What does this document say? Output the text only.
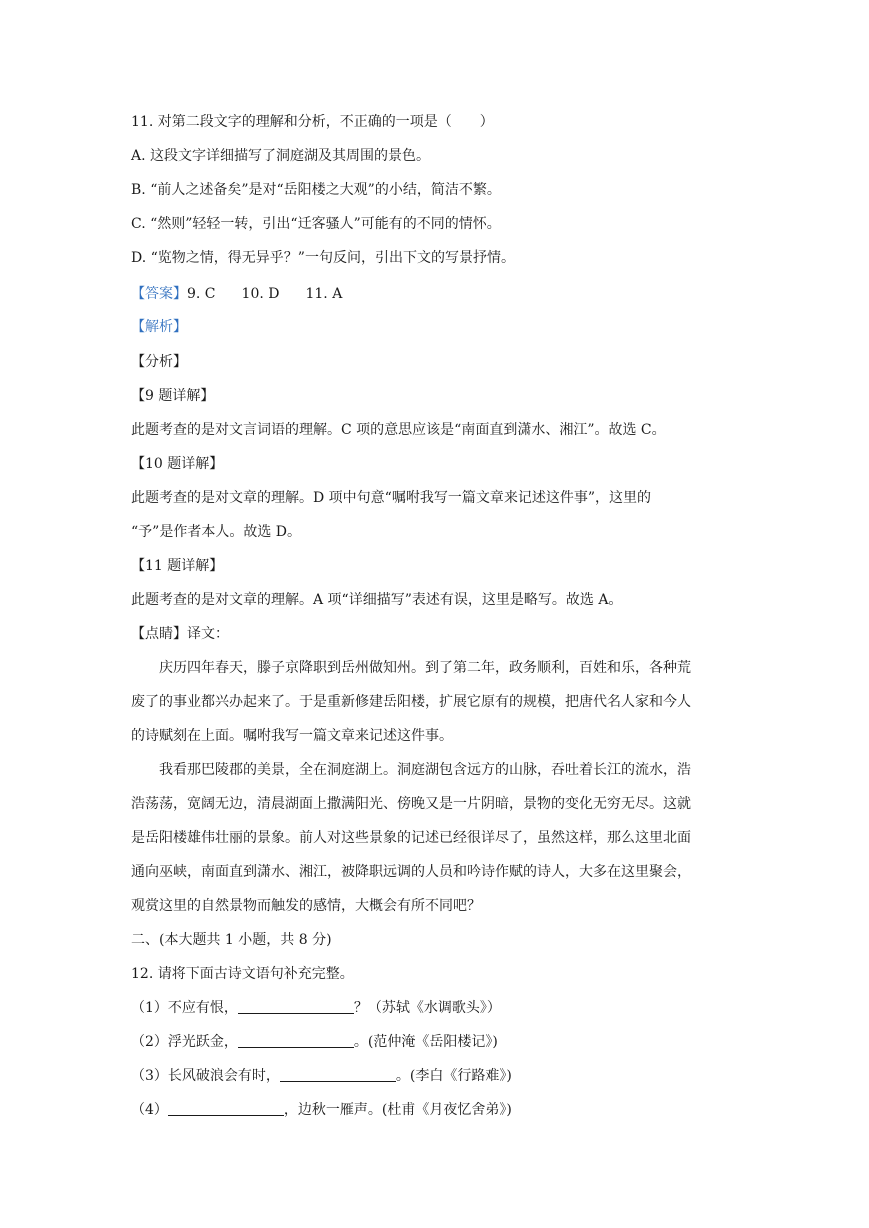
11. 对第二段文字的理解和分析，不正确的一项是（　　）
A. 这段文字详细描写了洞庭湖及其周围的景色。
B. “前人之述备矣”是对“岳阳楼之大观”的小结，简洁不繁。
C. “然则”轻轻一转，引出“迁客骚人”可能有的不同的情怀。
D. “览物之情，得无异乎？”一句反问，引出下文的写景抒情。
【答案】9. C 10. D 11. A
【解析】
【分析】
【9 题详解】
此题考查的是对文言词语的理解。C 项的意思应该是“南面直到潇水、湘江”。故选 C。
【10 题详解】
此题考查的是对文章的理解。D 项中句意“嘱咐我写一篇文章来记述这件事”，这里的
“予”是作者本人。故选 D。
【11 题详解】
此题考查的是对文章的理解。A 项“详细描写”表述有误，这里是略写。故选 A。
【点睛】译文：
庆历四年春天，滕子京降职到岳州做知州。到了第二年，政务顺利，百姓和乐，各种荒
废了的事业都兴办起来了。于是重新修建岳阳楼，扩展它原有的规模，把唐代名人家和今人
的诗赋刻在上面。嘱咐我写一篇文章来记述这件事。
我看那巴陵郡的美景，全在洞庭湖上。洞庭湖包含远方的山脉，吞吐着长江的流水，浩
浩荡荡，宽阔无边，清晨湖面上撒满阳光、傍晚又是一片阴暗，景物的变化无穷无尽。这就
是岳阳楼雄伟壮丽的景象。前人对这些景象的记述已经很详尽了，虽然这样，那么这里北面
通向巫峡，南面直到潇水、湘江，被降职远调的人员和吟诗作赋的诗人，大多在这里聚会，
观赏这里的自然景物而触发的感情，大概会有所不同吧？
二、(本大题共 1 小题，共 8 分)
12. 请将下面古诗文语句补充完整。
（1）不应有恨，	？（苏轼《水调歌头》）
（2）浮光跃金，	。(范仲淹《岳阳楼记》)
（3）长风破浪会有时，	。(李白《行路难》)
（4）	，边秋一雁声。(杜甫《月夜忆舍弟》)
